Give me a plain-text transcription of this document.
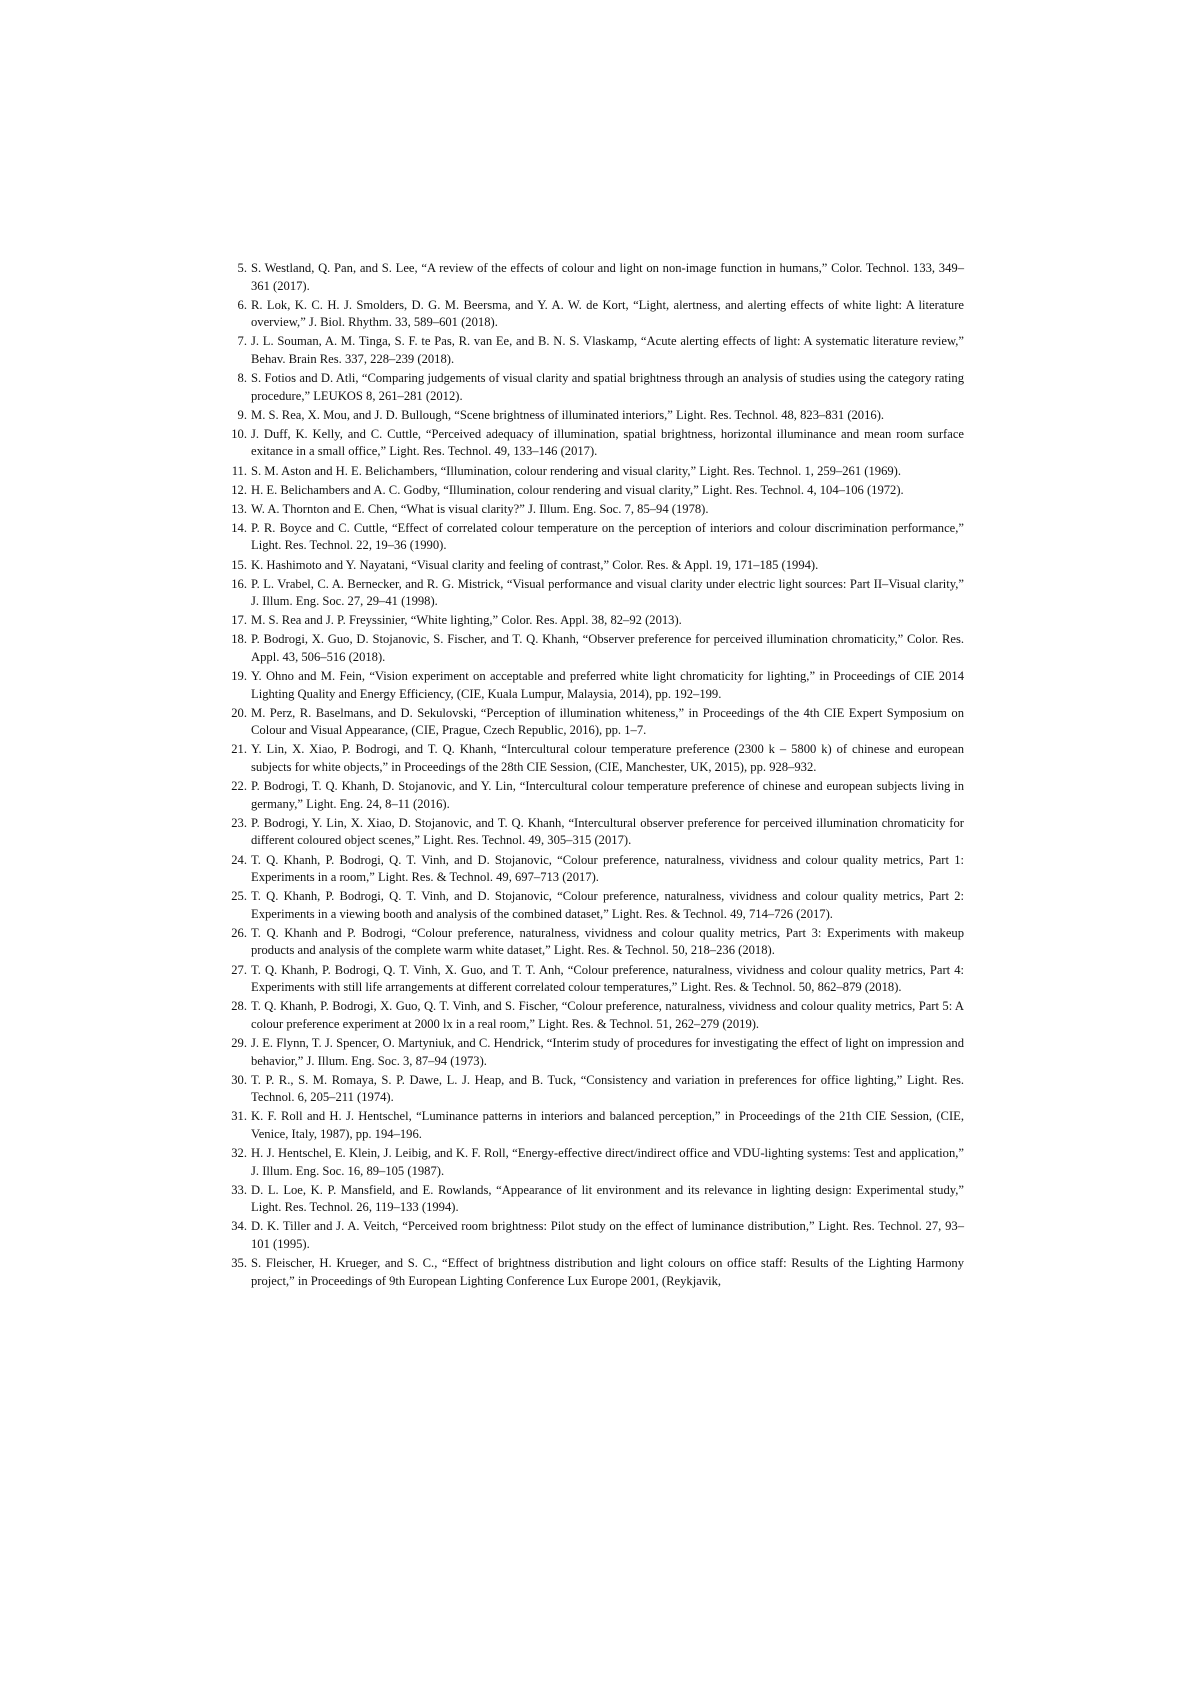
5. S. Westland, Q. Pan, and S. Lee, “A review of the effects of colour and light on non-image function in humans,” Color. Technol. 133, 349–361 (2017).
6. R. Lok, K. C. H. J. Smolders, D. G. M. Beersma, and Y. A. W. de Kort, “Light, alertness, and alerting effects of white light: A literature overview,” J. Biol. Rhythm. 33, 589–601 (2018).
7. J. L. Souman, A. M. Tinga, S. F. te Pas, R. van Ee, and B. N. S. Vlaskamp, “Acute alerting effects of light: A systematic literature review,” Behav. Brain Res. 337, 228–239 (2018).
8. S. Fotios and D. Atli, “Comparing judgements of visual clarity and spatial brightness through an analysis of studies using the category rating procedure,” LEUKOS 8, 261–281 (2012).
9. M. S. Rea, X. Mou, and J. D. Bullough, “Scene brightness of illuminated interiors,” Light. Res. Technol. 48, 823–831 (2016).
10. J. Duff, K. Kelly, and C. Cuttle, “Perceived adequacy of illumination, spatial brightness, horizontal illuminance and mean room surface exitance in a small office,” Light. Res. Technol. 49, 133–146 (2017).
11. S. M. Aston and H. E. Belichambers, “Illumination, colour rendering and visual clarity,” Light. Res. Technol. 1, 259–261 (1969).
12. H. E. Belichambers and A. C. Godby, “Illumination, colour rendering and visual clarity,” Light. Res. Technol. 4, 104–106 (1972).
13. W. A. Thornton and E. Chen, “What is visual clarity?” J. Illum. Eng. Soc. 7, 85–94 (1978).
14. P. R. Boyce and C. Cuttle, “Effect of correlated colour temperature on the perception of interiors and colour discrimination performance,” Light. Res. Technol. 22, 19–36 (1990).
15. K. Hashimoto and Y. Nayatani, “Visual clarity and feeling of contrast,” Color. Res. & Appl. 19, 171–185 (1994).
16. P. L. Vrabel, C. A. Bernecker, and R. G. Mistrick, “Visual performance and visual clarity under electric light sources: Part II–Visual clarity,” J. Illum. Eng. Soc. 27, 29–41 (1998).
17. M. S. Rea and J. P. Freyssinier, “White lighting,” Color. Res. Appl. 38, 82–92 (2013).
18. P. Bodrogi, X. Guo, D. Stojanovic, S. Fischer, and T. Q. Khanh, “Observer preference for perceived illumination chromaticity,” Color. Res. Appl. 43, 506–516 (2018).
19. Y. Ohno and M. Fein, “Vision experiment on acceptable and preferred white light chromaticity for lighting,” in Proceedings of CIE 2014 Lighting Quality and Energy Efficiency, (CIE, Kuala Lumpur, Malaysia, 2014), pp. 192–199.
20. M. Perz, R. Baselmans, and D. Sekulovski, “Perception of illumination whiteness,” in Proceedings of the 4th CIE Expert Symposium on Colour and Visual Appearance, (CIE, Prague, Czech Republic, 2016), pp. 1–7.
21. Y. Lin, X. Xiao, P. Bodrogi, and T. Q. Khanh, “Intercultural colour temperature preference (2300 k – 5800 k) of chinese and european subjects for white objects,” in Proceedings of the 28th CIE Session, (CIE, Manchester, UK, 2015), pp. 928–932.
22. P. Bodrogi, T. Q. Khanh, D. Stojanovic, and Y. Lin, “Intercultural colour temperature preference of chinese and european subjects living in germany,” Light. Eng. 24, 8–11 (2016).
23. P. Bodrogi, Y. Lin, X. Xiao, D. Stojanovic, and T. Q. Khanh, “Intercultural observer preference for perceived illumination chromaticity for different coloured object scenes,” Light. Res. Technol. 49, 305–315 (2017).
24. T. Q. Khanh, P. Bodrogi, Q. T. Vinh, and D. Stojanovic, “Colour preference, naturalness, vividness and colour quality metrics, Part 1: Experiments in a room,” Light. Res. & Technol. 49, 697–713 (2017).
25. T. Q. Khanh, P. Bodrogi, Q. T. Vinh, and D. Stojanovic, “Colour preference, naturalness, vividness and colour quality metrics, Part 2: Experiments in a viewing booth and analysis of the combined dataset,” Light. Res. & Technol. 49, 714–726 (2017).
26. T. Q. Khanh and P. Bodrogi, “Colour preference, naturalness, vividness and colour quality metrics, Part 3: Experiments with makeup products and analysis of the complete warm white dataset,” Light. Res. & Technol. 50, 218–236 (2018).
27. T. Q. Khanh, P. Bodrogi, Q. T. Vinh, X. Guo, and T. T. Anh, “Colour preference, naturalness, vividness and colour quality metrics, Part 4: Experiments with still life arrangements at different correlated colour temperatures,” Light. Res. & Technol. 50, 862–879 (2018).
28. T. Q. Khanh, P. Bodrogi, X. Guo, Q. T. Vinh, and S. Fischer, “Colour preference, naturalness, vividness and colour quality metrics, Part 5: A colour preference experiment at 2000 lx in a real room,” Light. Res. & Technol. 51, 262–279 (2019).
29. J. E. Flynn, T. J. Spencer, O. Martyniuk, and C. Hendrick, “Interim study of procedures for investigating the effect of light on impression and behavior,” J. Illum. Eng. Soc. 3, 87–94 (1973).
30. T. P. R., S. M. Romaya, S. P. Dawe, L. J. Heap, and B. Tuck, “Consistency and variation in preferences for office lighting,” Light. Res. Technol. 6, 205–211 (1974).
31. K. F. Roll and H. J. Hentschel, “Luminance patterns in interiors and balanced perception,” in Proceedings of the 21th CIE Session, (CIE, Venice, Italy, 1987), pp. 194–196.
32. H. J. Hentschel, E. Klein, J. Leibig, and K. F. Roll, “Energy-effective direct/indirect office and VDU-lighting systems: Test and application,” J. Illum. Eng. Soc. 16, 89–105 (1987).
33. D. L. Loe, K. P. Mansfield, and E. Rowlands, “Appearance of lit environment and its relevance in lighting design: Experimental study,” Light. Res. Technol. 26, 119–133 (1994).
34. D. K. Tiller and J. A. Veitch, “Perceived room brightness: Pilot study on the effect of luminance distribution,” Light. Res. Technol. 27, 93–101 (1995).
35. S. Fleischer, H. Krueger, and S. C., “Effect of brightness distribution and light colours on office staff: Results of the Lighting Harmony project,” in Proceedings of 9th European Lighting Conference Lux Europe 2001, (Reykjavik,
